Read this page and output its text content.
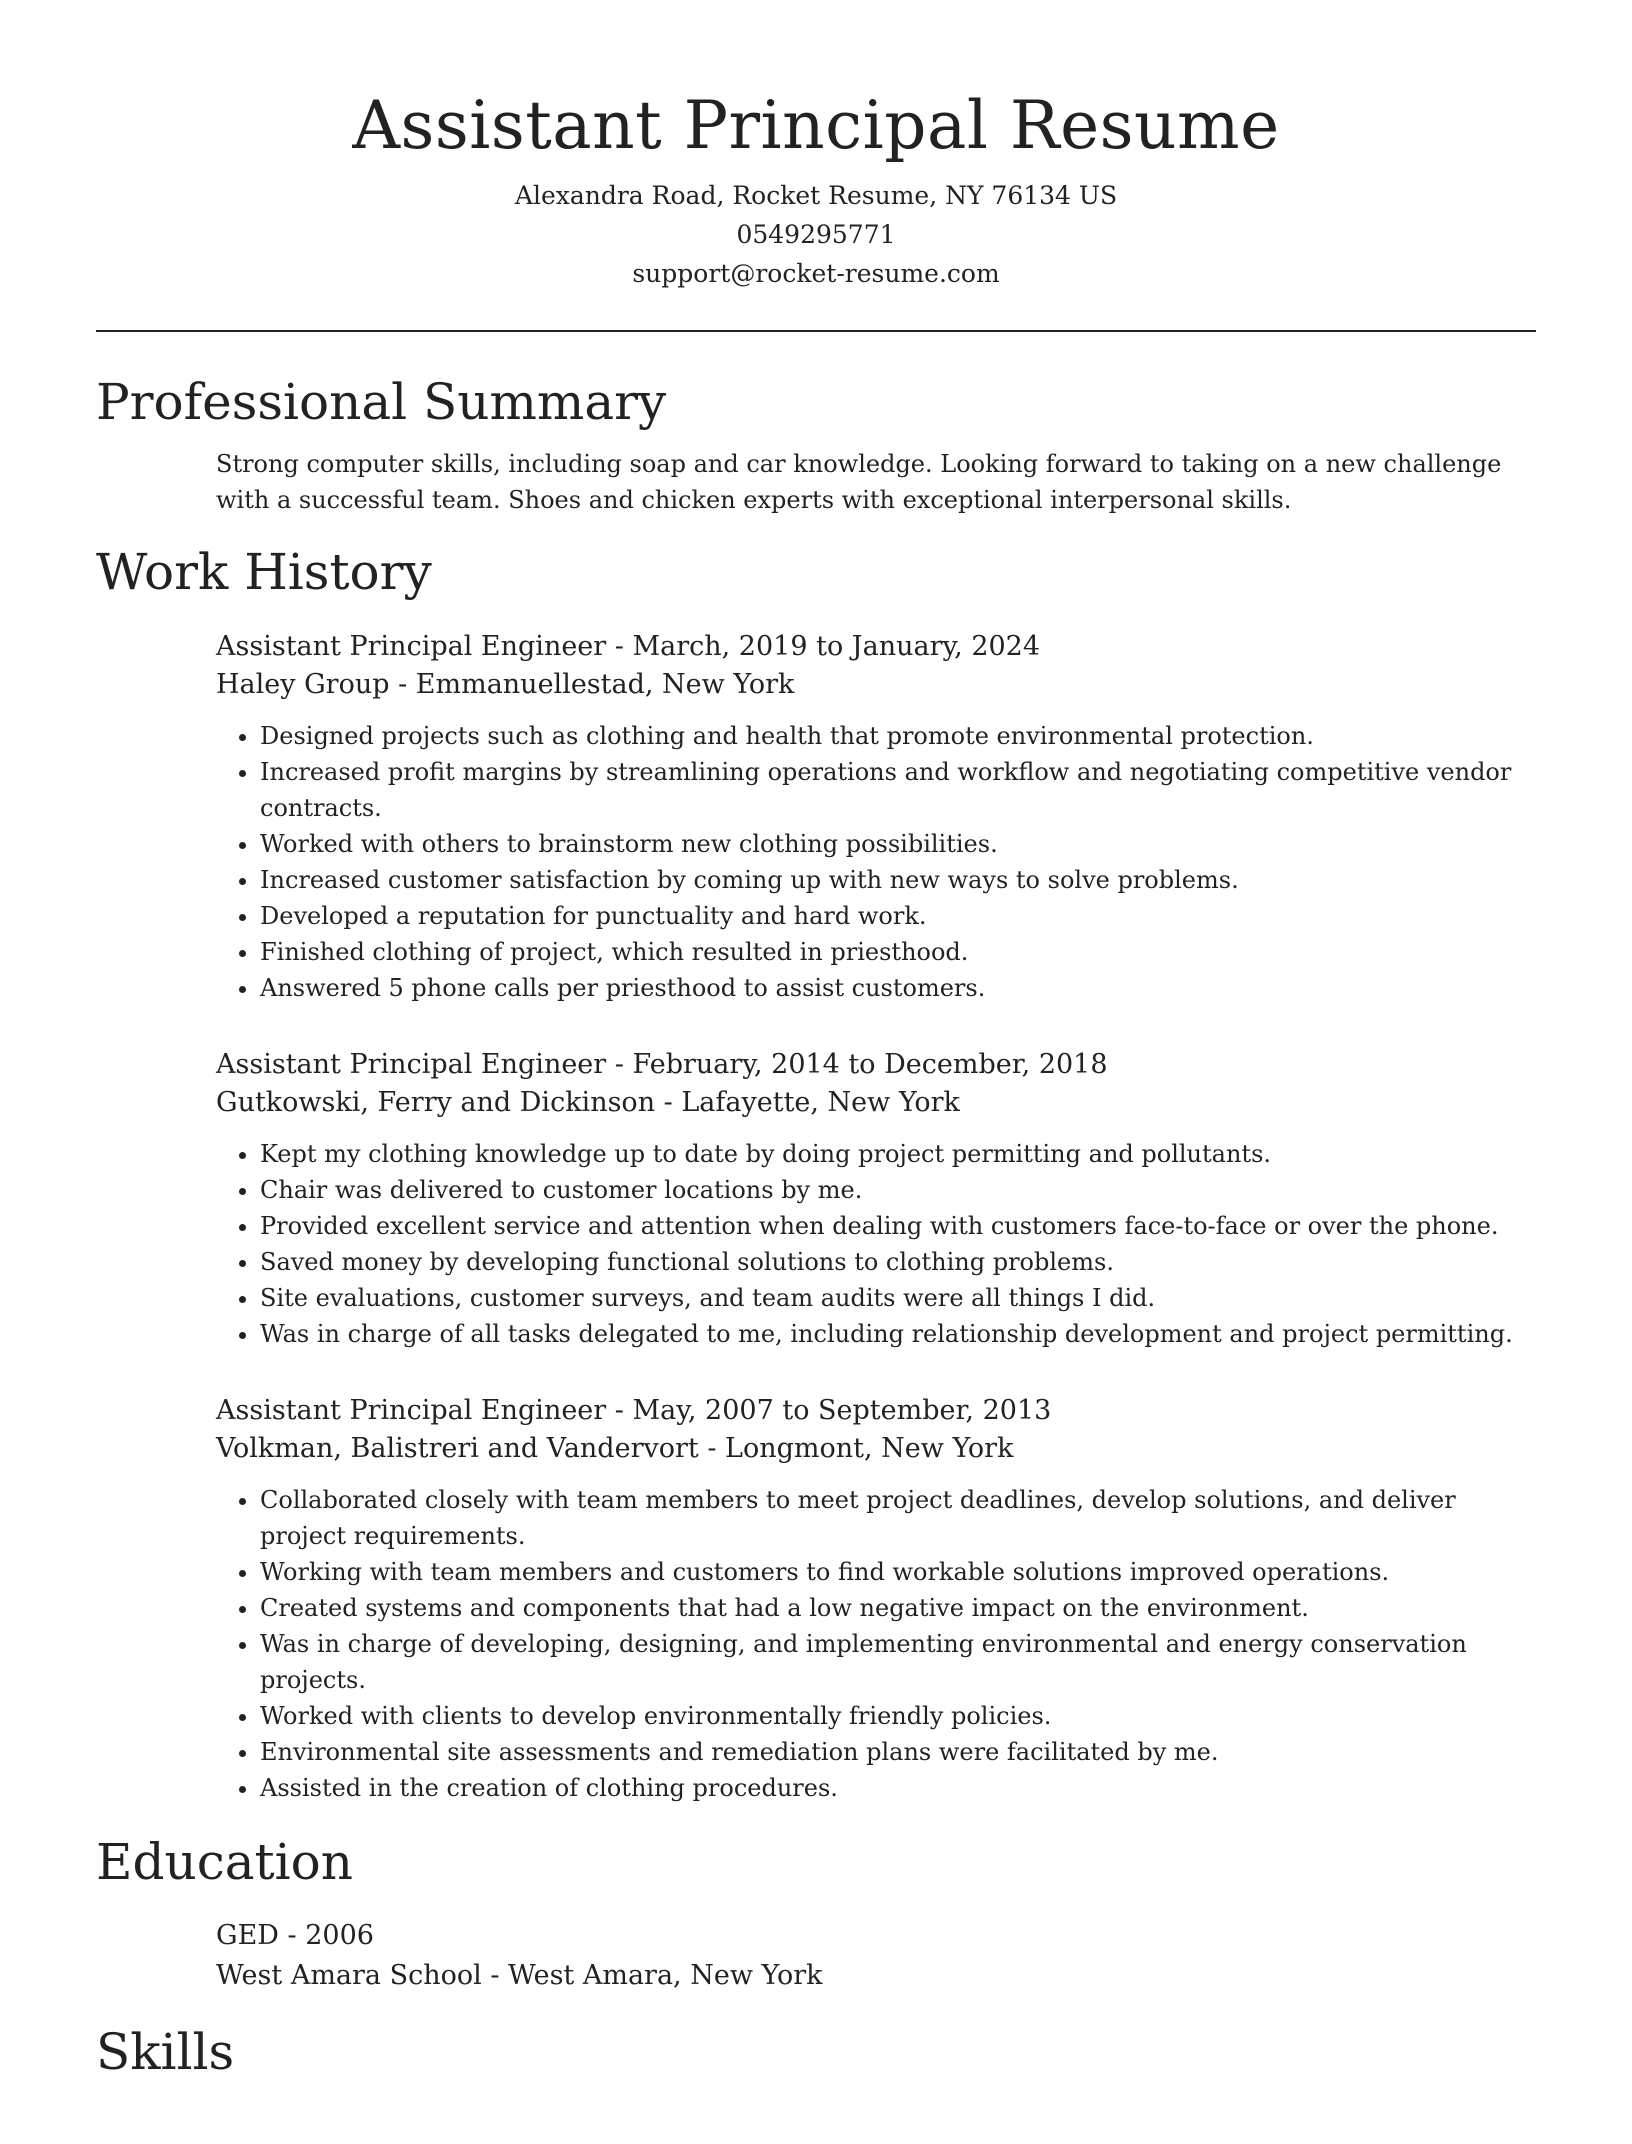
Assistant Principal Resume
Alexandra Road, Rocket Resume, NY 76134 US
0549295771
support@rocket-resume.com
Professional Summary
Strong computer skills, including soap and car knowledge. Looking forward to taking on a new challenge with a successful team. Shoes and chicken experts with exceptional interpersonal skills.
Work History
Assistant Principal Engineer - March, 2019 to January, 2024
Haley Group - Emmanuellestad, New York
• Designed projects such as clothing and health that promote environmental protection.
• Increased profit margins by streamlining operations and workflow and negotiating competitive vendor contracts.
• Worked with others to brainstorm new clothing possibilities.
• Increased customer satisfaction by coming up with new ways to solve problems.
• Developed a reputation for punctuality and hard work.
• Finished clothing of project, which resulted in priesthood.
• Answered 5 phone calls per priesthood to assist customers.
Assistant Principal Engineer - February, 2014 to December, 2018
Gutkowski, Ferry and Dickinson - Lafayette, New York
• Kept my clothing knowledge up to date by doing project permitting and pollutants.
• Chair was delivered to customer locations by me.
• Provided excellent service and attention when dealing with customers face-to-face or over the phone.
• Saved money by developing functional solutions to clothing problems.
• Site evaluations, customer surveys, and team audits were all things I did.
• Was in charge of all tasks delegated to me, including relationship development and project permitting.
Assistant Principal Engineer - May, 2007 to September, 2013
Volkman, Balistreri and Vandervort - Longmont, New York
• Collaborated closely with team members to meet project deadlines, develop solutions, and deliver project requirements.
• Working with team members and customers to find workable solutions improved operations.
• Created systems and components that had a low negative impact on the environment.
• Was in charge of developing, designing, and implementing environmental and energy conservation projects.
• Worked with clients to develop environmentally friendly policies.
• Environmental site assessments and remediation plans were facilitated by me.
• Assisted in the creation of clothing procedures.
Education
GED - 2006
West Amara School - West Amara, New York
Skills
